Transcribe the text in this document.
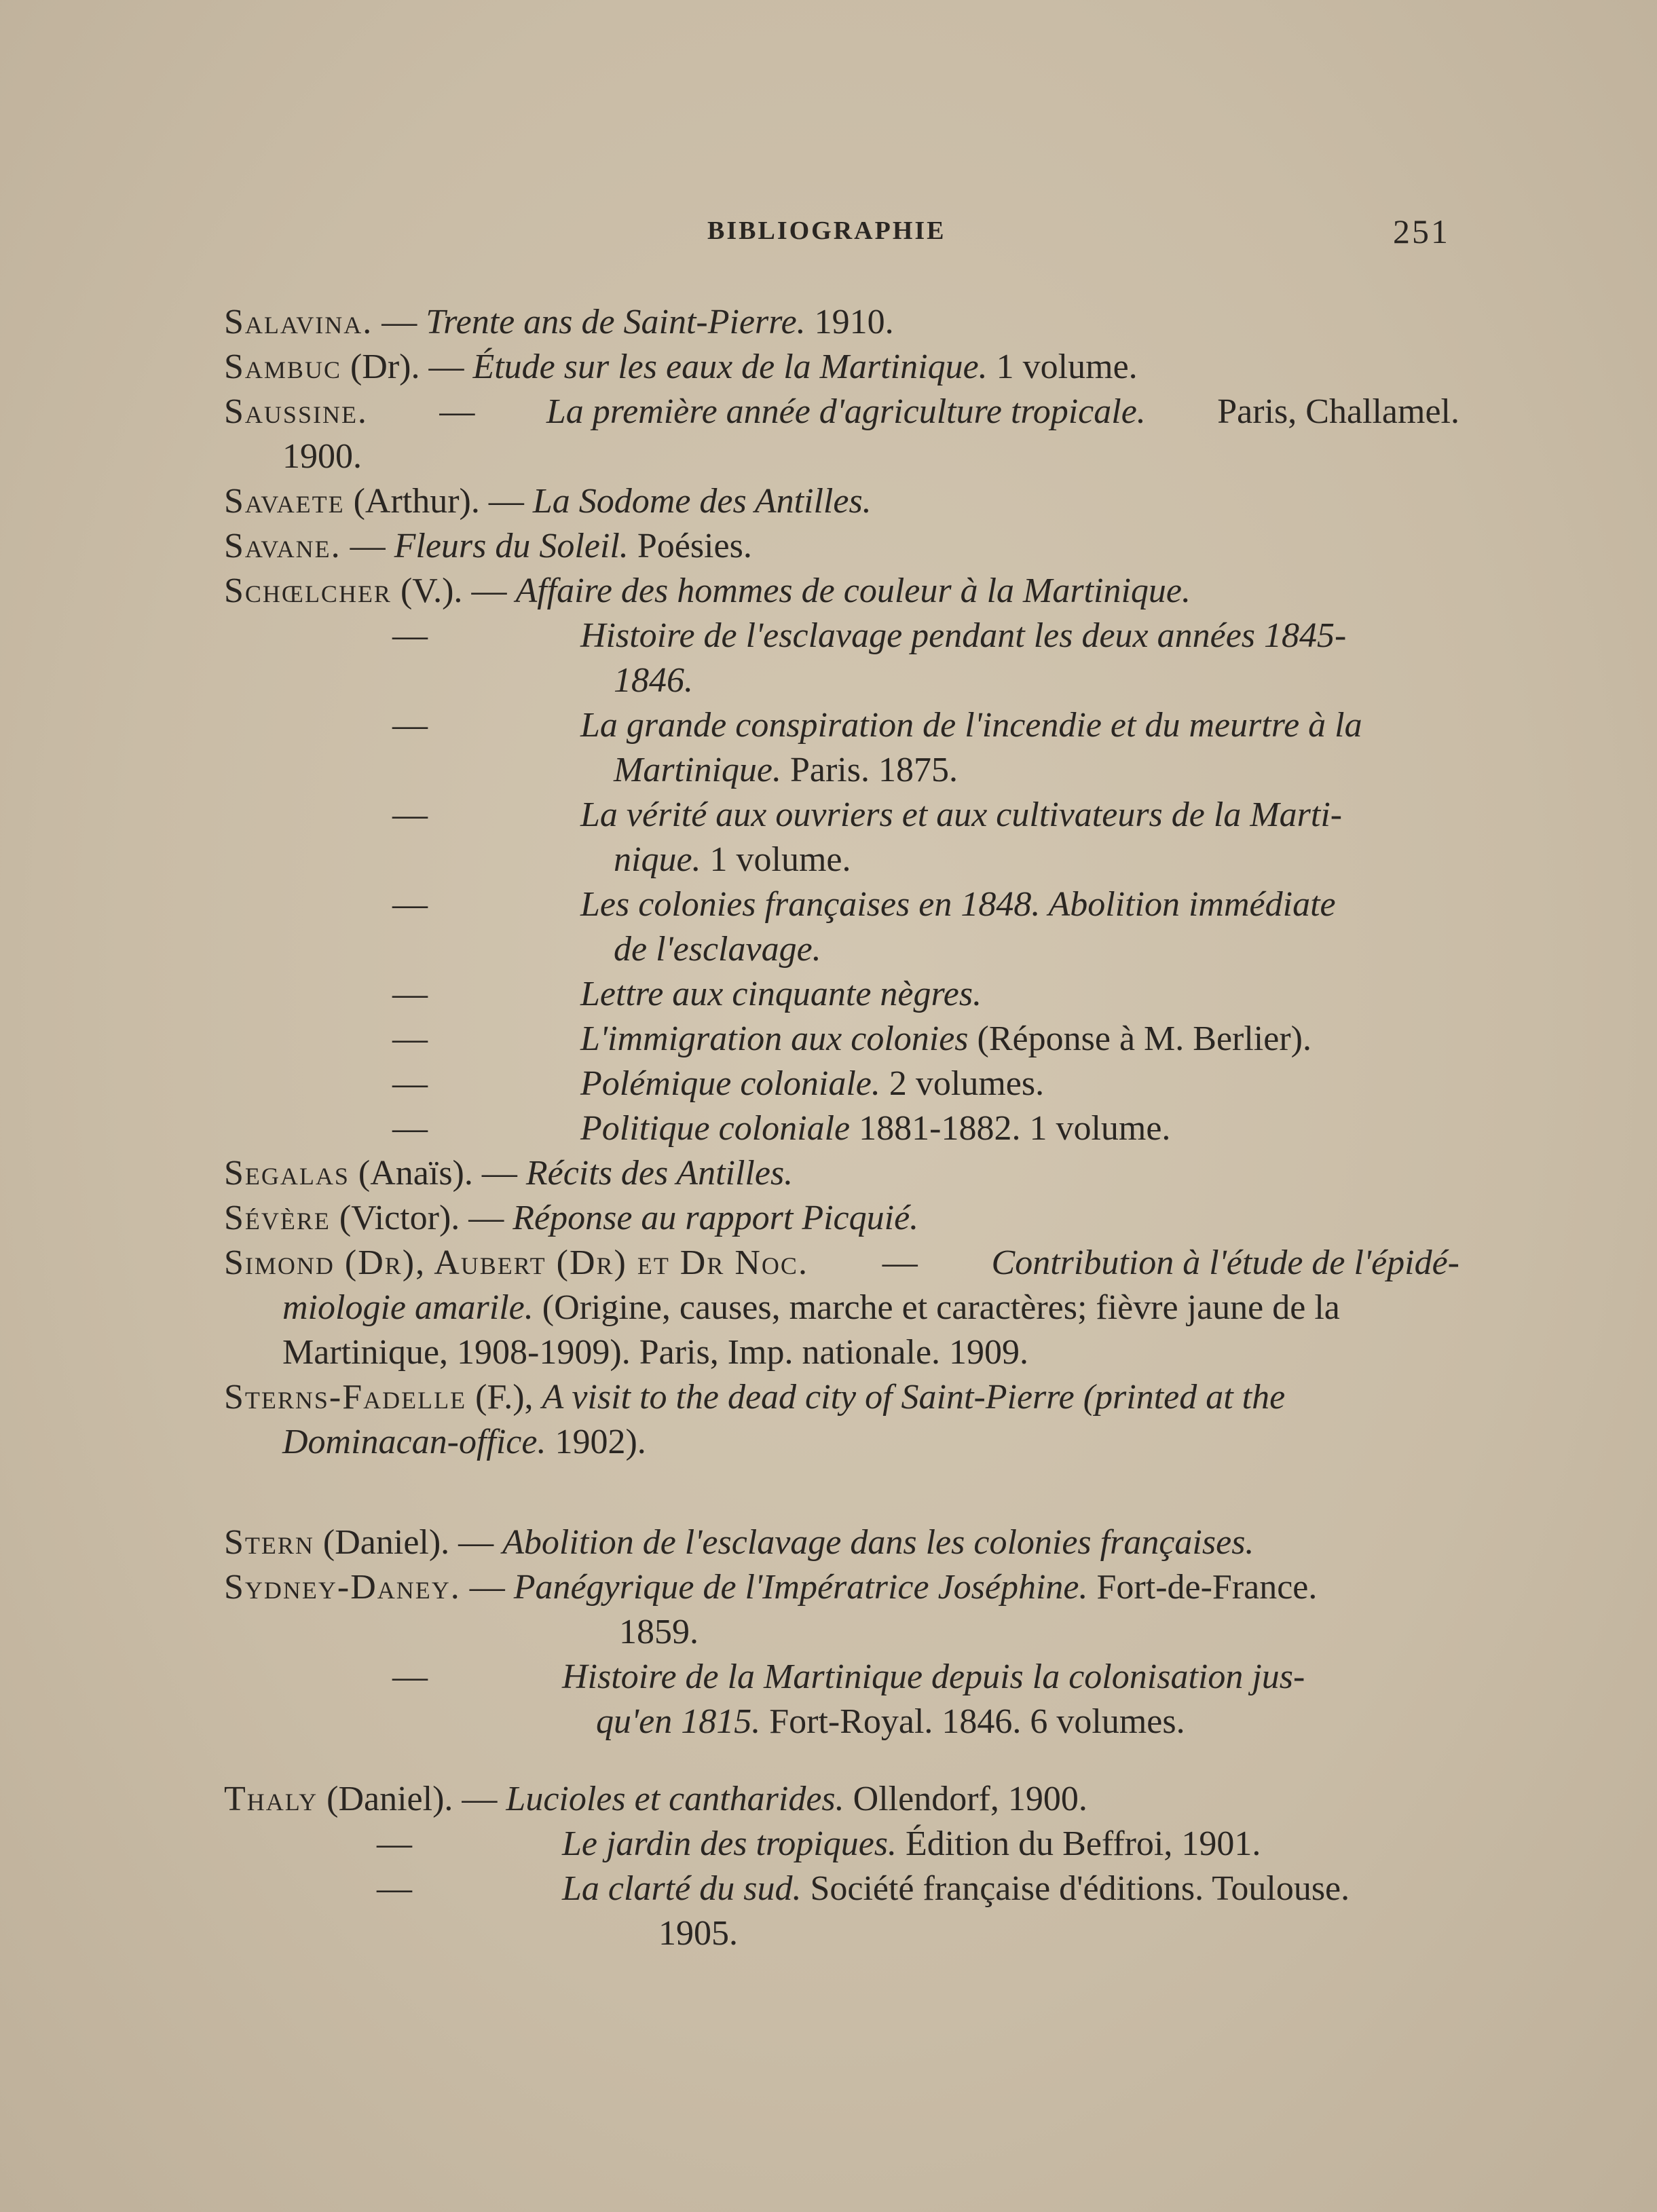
BIBLIOGRAPHIE	251
Salavina. — Trente ans de Saint-Pierre. 1910.
Sambuc (Dr). — Étude sur les eaux de la Martinique. 1 volume.
Saussine. — La première année d'agriculture tropicale. Paris, Challamel.
1900.
Savaete (Arthur). — La Sodome des Antilles.
Savane. — Fleurs du Soleil. Poésies.
Schœlcher (V.). — Affaire des hommes de couleur à la Martinique.
—	Histoire de l'esclavage pendant les deux années 1845-
1846.
—	La grande conspiration de l'incendie et du meurtre à la
Martinique. Paris. 1875.
—	La vérité aux ouvriers et aux cultivateurs de la Marti-
nique. 1 volume.
—	Les colonies françaises en 1848. Abolition immédiate
de l'esclavage.
—	Lettre aux cinquante nègres.
—	L'immigration aux colonies (Réponse à M. Berlier).
—	Polémique coloniale. 2 volumes.
—	Politique coloniale 1881-1882. 1 volume.
Segalas (Anaïs). — Récits des Antilles.
Sévère (Victor). — Réponse au rapport Picquié.
Simond (Dr), Aubert (Dr) et Dr Noc. — Contribution à l'étude de l'épidé-
miologie amarile. (Origine, causes, marche et caractères; fièvre jaune de la
Martinique, 1908-1909). Paris, Imp. nationale. 1909.
Sterns-Fadelle (F.), A visit to the dead city of Saint-Pierre (printed at the
Dominacan-office. 1902).
Stern (Daniel). — Abolition de l'esclavage dans les colonies françaises.
Sydney-Daney. — Panégyrique de l'Impératrice Joséphine. Fort-de-France.
1859.
—	Histoire de la Martinique depuis la colonisation jus-
qu'en 1815. Fort-Royal. 1846. 6 volumes.
Thaly (Daniel). — Lucioles et cantharides. Ollendorf, 1900.
—	Le jardin des tropiques. Édition du Beffroi, 1901.
—	La clarté du sud. Société française d'éditions. Toulouse.
1905.
